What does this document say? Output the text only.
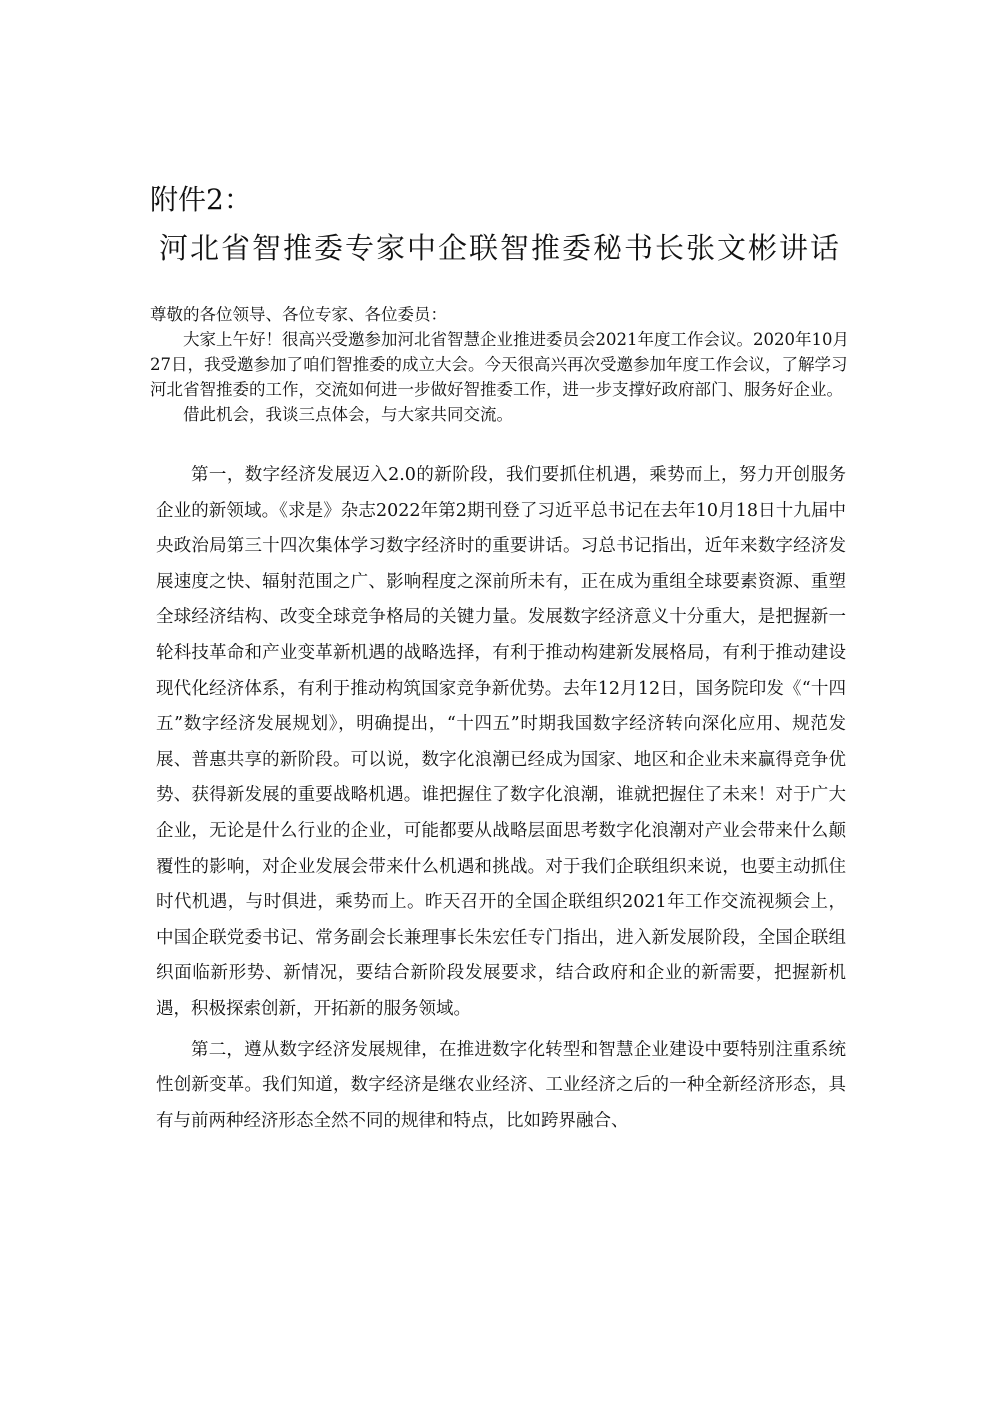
附件2：
河北省智推委专家中企联智推委秘书长张文彬讲话

尊敬的各位领导、各位专家、各位委员：

大家上午好！很高兴受邀参加河北省智慧企业推进委员会2021年度工作会议。2020年10月27日，我受邀参加了咱们智推委的成立大会。今天很高兴再次受邀参加年度工作会议，了解学习河北省智推委的工作，交流如何进一步做好智推委工作，进一步支撑好政府部门、服务好企业。

借此机会，我谈三点体会，与大家共同交流。

第一，数字经济发展迈入2.0的新阶段，我们要抓住机遇，乘势而上，努力开创服务企业的新领域。《求是》杂志2022年第2期刊登了习近平总书记在去年10月18日十九届中央政治局第三十四次集体学习数字经济时的重要讲话。习总书记指出，近年来数字经济发展速度之快、辐射范围之广、影响程度之深前所未有，正在成为重组全球要素资源、重塑全球经济结构、改变全球竞争格局的关键力量。发展数字经济意义十分重大，是把握新一轮科技革命和产业变革新机遇的战略选择，有利于推动构建新发展格局，有利于推动建设现代化经济体系，有利于推动构筑国家竞争新优势。去年12月12日，国务院印发《“十四五”数字经济发展规划》，明确提出，“十四五”时期我国数字经济转向深化应用、规范发展、普惠共享的新阶段。可以说，数字化浪潮已经成为国家、地区和企业未来赢得竞争优势、获得新发展的重要战略机遇。谁把握住了数字化浪潮，谁就把握住了未来！对于广大企业，无论是什么行业的企业，可能都要从战略层面思考数字化浪潮对产业会带来什么颠覆性的影响，对企业发展会带来什么机遇和挑战。对于我们企联组织来说，也要主动抓住时代机遇，与时俱进，乘势而上。昨天召开的全国企联组织2021年工作交流视频会上，中国企联党委书记、常务副会长兼理事长朱宏任专门指出，进入新发展阶段，全国企联组织面临新形势、新情况，要结合新阶段发展要求，结合政府和企业的新需要，把握新机遇，积极探索创新，开拓新的服务领域。

第二，遵从数字经济发展规律，在推进数字化转型和智慧企业建设中要特别注重系统性创新变革。我们知道，数字经济是继农业经济、工业经济之后的一种全新经济形态，具有与前两种经济形态全然不同的规律和特点，比如跨界融合、
